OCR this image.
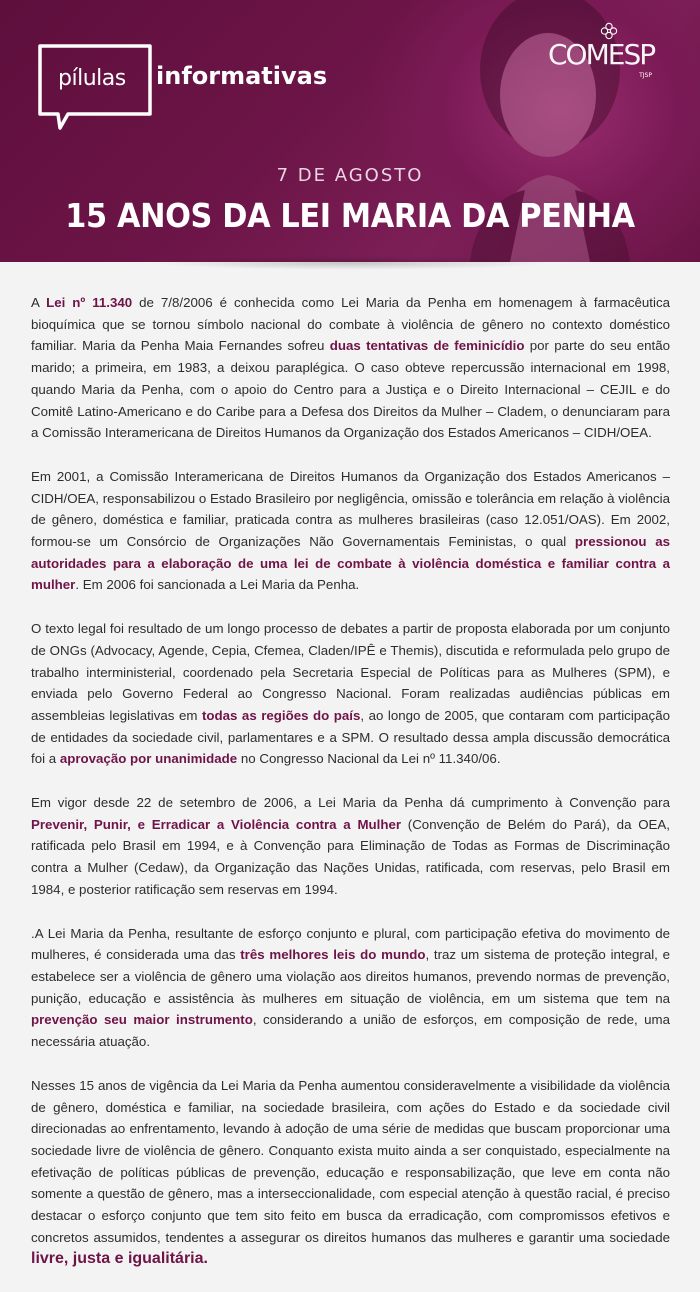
pílulas informativas
COMESP
TJSP
7 DE AGOSTO
15 ANOS DA LEI MARIA DA PENHA

A Lei nº 11.340 de 7/8/2006 é conhecida como Lei Maria da Penha em homenagem à farmacêutica bioquímica que se tornou símbolo nacional do combate à violência de gênero no contexto doméstico familiar. Maria da Penha Maia Fernandes sofreu duas tentativas de feminicídio por parte do seu então marido; a primeira, em 1983, a deixou paraplégica. O caso obteve repercussão internacional em 1998, quando Maria da Penha, com o apoio do Centro para a Justiça e o Direito Internacional – CEJIL e do Comitê Latino-Americano e do Caribe para a Defesa dos Direitos da Mulher – Cladem, o denunciaram para a Comissão Interamericana de Direitos Humanos da Organização dos Estados Americanos – CIDH/OEA.

Em 2001, a Comissão Interamericana de Direitos Humanos da Organização dos Estados Americanos – CIDH/OEA, responsabilizou o Estado Brasileiro por negligência, omissão e tolerância em relação à violência de gênero, doméstica e familiar, praticada contra as mulheres brasileiras (caso 12.051/OAS). Em 2002, formou-se um Consórcio de Organizações Não Governamentais Feministas, o qual pressionou as autoridades para a elaboração de uma lei de combate à violência doméstica e familiar contra a mulher. Em 2006 foi sancionada a Lei Maria da Penha.

O texto legal foi resultado de um longo processo de debates a partir de proposta elaborada por um conjunto de ONGs (Advocacy, Agende, Cepia, Cfemea, Claden/IPÊ e Themis), discutida e reformulada pelo grupo de trabalho interministerial, coordenado pela Secretaria Especial de Políticas para as Mulheres (SPM), e enviada pelo Governo Federal ao Congresso Nacional. Foram realizadas audiências públicas em assembleias legislativas em todas as regiões do país, ao longo de 2005, que contaram com participação de entidades da sociedade civil, parlamentares e a SPM. O resultado dessa ampla discussão democrática foi a aprovação por unanimidade no Congresso Nacional da Lei nº 11.340/06.

Em vigor desde 22 de setembro de 2006, a Lei Maria da Penha dá cumprimento à Convenção para Prevenir, Punir, e Erradicar a Violência contra a Mulher (Convenção de Belém do Pará), da OEA, ratificada pelo Brasil em 1994, e à Convenção para Eliminação de Todas as Formas de Discriminação contra a Mulher (Cedaw), da Organização das Nações Unidas, ratificada, com reservas, pelo Brasil em 1984, e posterior ratificação sem reservas em 1994.

.A Lei Maria da Penha, resultante de esforço conjunto e plural, com participação efetiva do movimento de mulheres, é considerada uma das três melhores leis do mundo, traz um sistema de proteção integral, e estabelece ser a violência de gênero uma violação aos direitos humanos, prevendo normas de prevenção, punição, educação e assistência às mulheres em situação de violência, em um sistema que tem na prevenção seu maior instrumento, considerando a união de esforços, em composição de rede, uma necessária atuação.

Nesses 15 anos de vigência da Lei Maria da Penha aumentou consideravelmente a visibilidade da violência de gênero, doméstica e familiar, na sociedade brasileira, com ações do Estado e da sociedade civil direcionadas ao enfrentamento, levando à adoção de uma série de medidas que buscam proporcionar uma sociedade livre de violência de gênero. Conquanto exista muito ainda a ser conquistado, especialmente na efetivação de políticas públicas de prevenção, educação e responsabilização, que leve em conta não somente a questão de gênero, mas a interseccionalidade, com especial atenção à questão racial, é preciso destacar o esforço conjunto que tem sito feito em busca da erradicação, com compromissos efetivos e concretos assumidos, tendentes a assegurar os direitos humanos das mulheres e garantir uma sociedade livre, justa e igualitária.
